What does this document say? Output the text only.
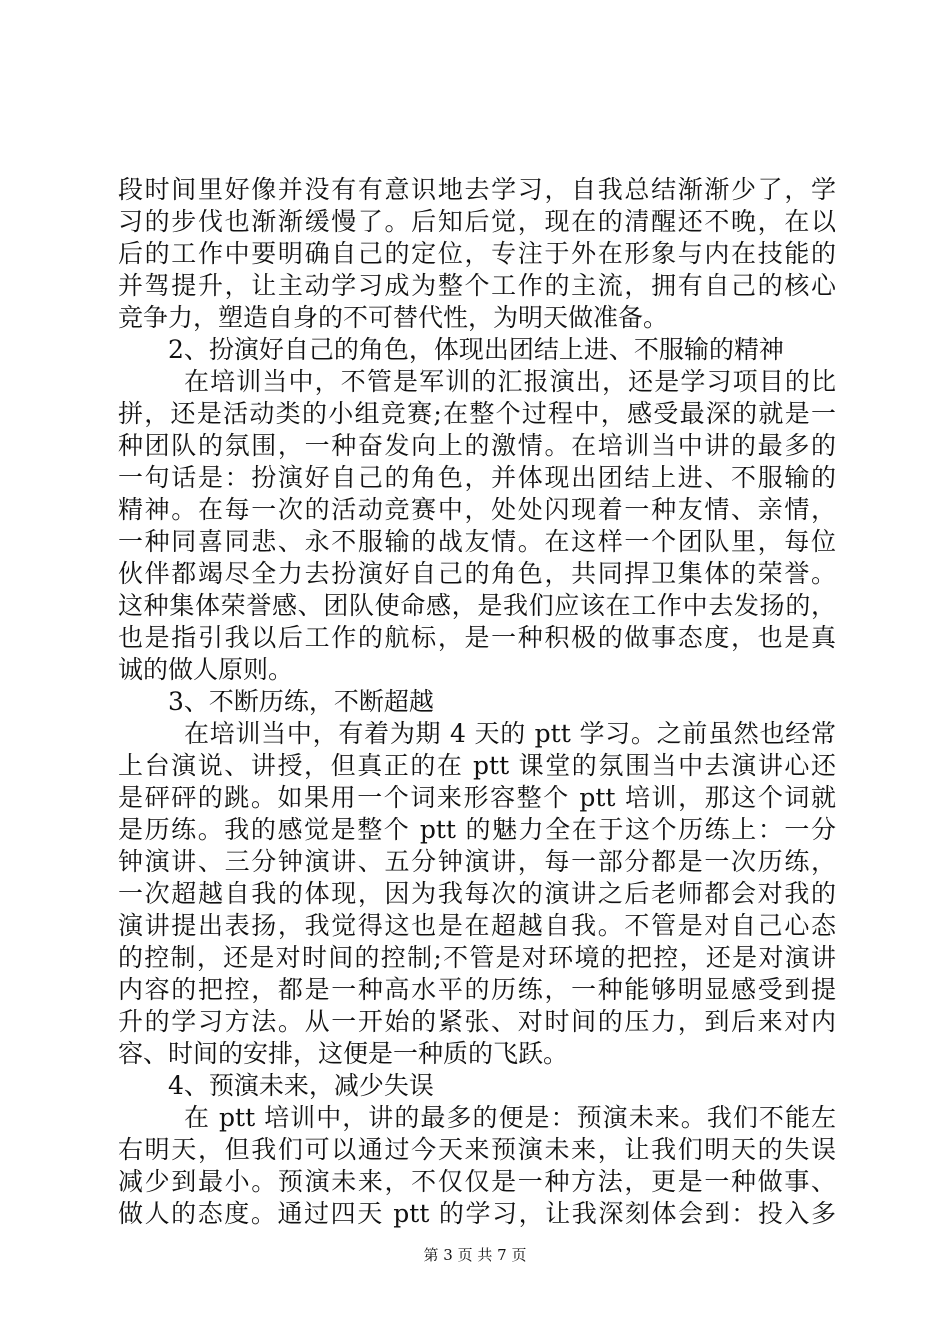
段时间里好像并没有有意识地去学习，自我总结渐渐少了，学
习的步伐也渐渐缓慢了。后知后觉，现在的清醒还不晚，在以
后的工作中要明确自己的定位，专注于外在形象与内在技能的
并驾提升，让主动学习成为整个工作的主流，拥有自己的核心
竞争力，塑造自身的不可替代性，为明天做准备。
2、扮演好自己的角色，体现出团结上进、不服输的精神
在培训当中，不管是军训的汇报演出，还是学习项目的比
拼，还是活动类的小组竞赛;在整个过程中，感受最深的就是一
种团队的氛围，一种奋发向上的激情。在培训当中讲的最多的
一句话是：扮演好自己的角色，并体现出团结上进、不服输的
精神。在每一次的活动竞赛中，处处闪现着一种友情、亲情，
一种同喜同悲、永不服输的战友情。在这样一个团队里，每位
伙伴都竭尽全力去扮演好自己的角色，共同捍卫集体的荣誉。
这种集体荣誉感、团队使命感，是我们应该在工作中去发扬的，
也是指引我以后工作的航标，是一种积极的做事态度，也是真
诚的做人原则。
3、不断历练，不断超越
在培训当中，有着为期 4 天的 ptt 学习。之前虽然也经常
上台演说、讲授，但真正的在 ptt 课堂的氛围当中去演讲心还
是砰砰的跳。如果用一个词来形容整个 ptt 培训，那这个词就
是历练。我的感觉是整个 ptt 的魅力全在于这个历练上：一分
钟演讲、三分钟演讲、五分钟演讲，每一部分都是一次历练，
一次超越自我的体现，因为我每次的演讲之后老师都会对我的
演讲提出表扬，我觉得这也是在超越自我。不管是对自己心态
的控制，还是对时间的控制;不管是对环境的把控，还是对演讲
内容的把控，都是一种高水平的历练，一种能够明显感受到提
升的学习方法。从一开始的紧张、对时间的压力，到后来对内
容、时间的安排，这便是一种质的飞跃。
4、预演未来，减少失误
在 ptt 培训中，讲的最多的便是：预演未来。我们不能左
右明天，但我们可以通过今天来预演未来，让我们明天的失误
减少到最小。预演未来，不仅仅是一种方法，更是一种做事、
做人的态度。通过四天 ptt 的学习，让我深刻体会到：投入多
第 3 页 共 7 页
